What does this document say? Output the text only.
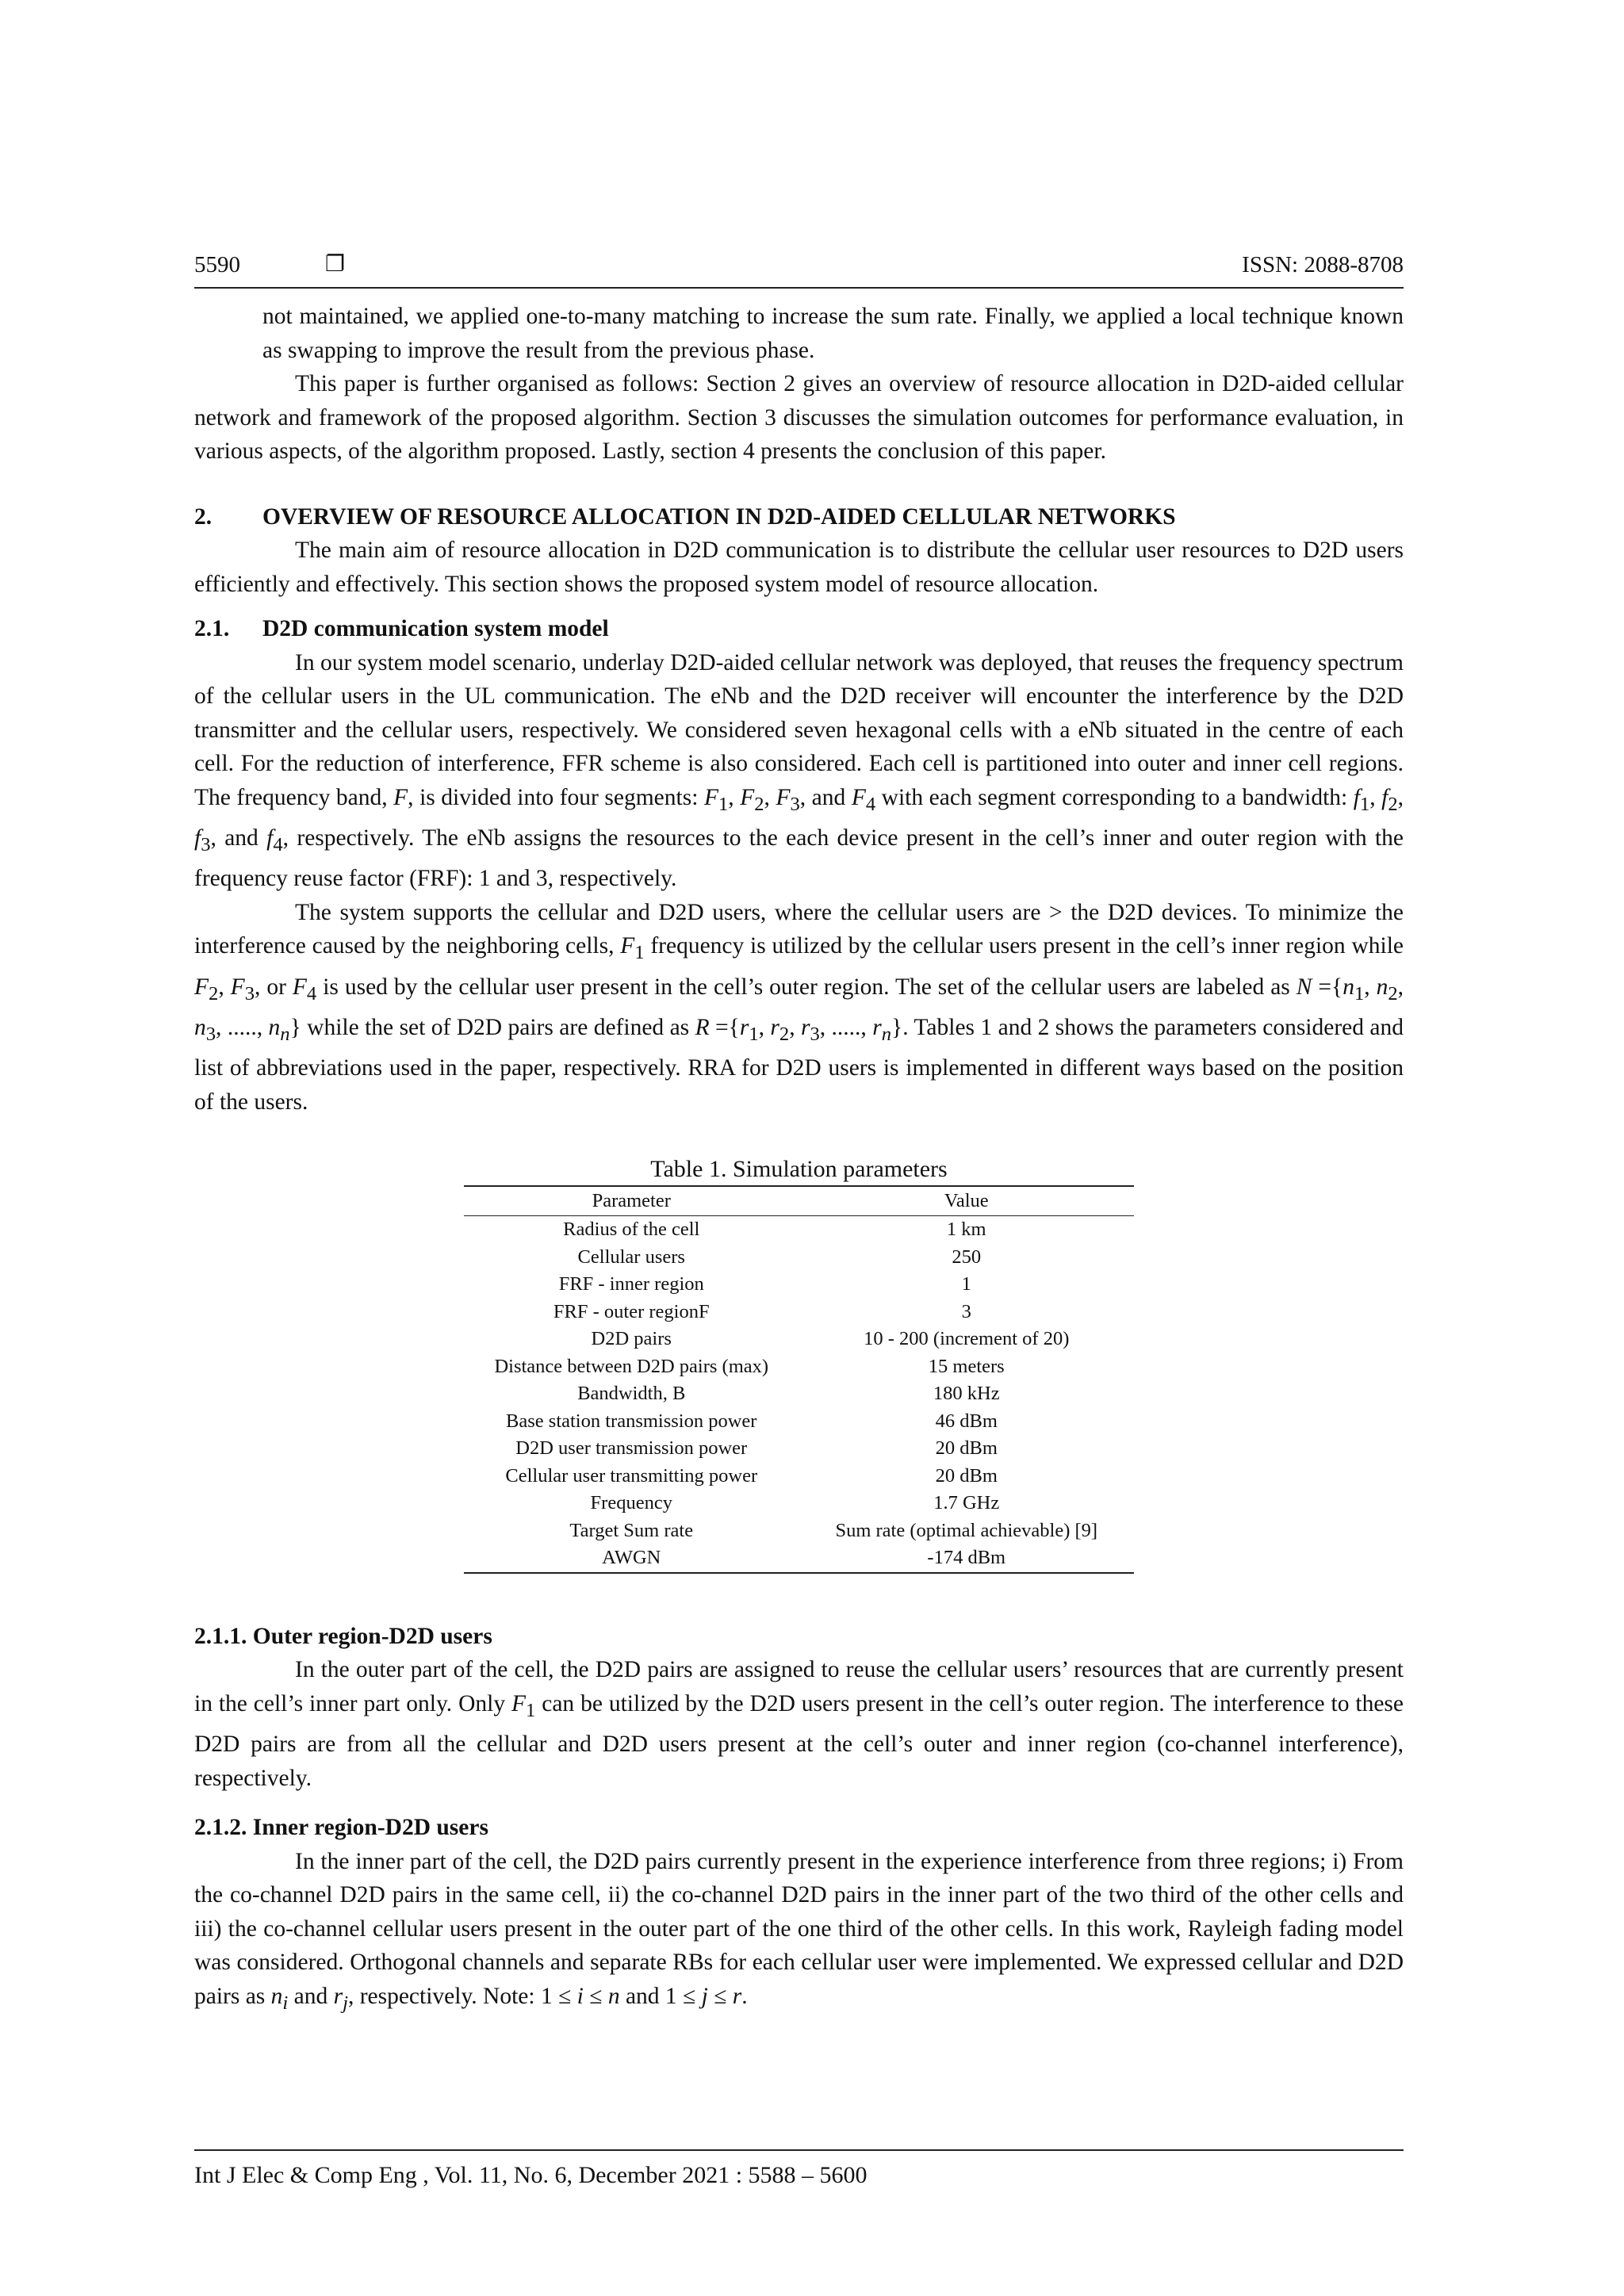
5590	❐	ISSN: 2088-8708

not maintained, we applied one-to-many matching to increase the sum rate. Finally, we applied a local technique known as swapping to improve the result from the previous phase.

This paper is further organised as follows: Section 2 gives an overview of resource allocation in D2D-aided cellular network and framework of the proposed algorithm. Section 3 discusses the simulation outcomes for performance evaluation, in various aspects, of the algorithm proposed. Lastly, section 4 presents the conclusion of this paper.

2. OVERVIEW OF RESOURCE ALLOCATION IN D2D-AIDED CELLULAR NETWORKS

The main aim of resource allocation in D2D communication is to distribute the cellular user resources to D2D users efficiently and effectively. This section shows the proposed system model of resource allocation.

2.1. D2D communication system model

In our system model scenario, underlay D2D-aided cellular network was deployed, that reuses the frequency spectrum of the cellular users in the UL communication. The eNb and the D2D receiver will encounter the interference by the D2D transmitter and the cellular users, respectively. We considered seven hexagonal cells with a eNb situated in the centre of each cell. For the reduction of interference, FFR scheme is also considered. Each cell is partitioned into outer and inner cell regions. The frequency band, F, is divided into four segments: $F_1$, $F_2$, $F_3$, and $F_4$ with each segment corresponding to a bandwidth: $f_1$, $f_2$, $f_3$, and $f_4$, respectively. The eNb assigns the resources to the each device present in the cell’s inner and outer region with the frequency reuse factor (FRF): 1 and 3, respectively.

The system supports the cellular and D2D users, where the cellular users are > the D2D devices. To minimize the interference caused by the neighboring cells, $F_1$ frequency is utilized by the cellular users present in the cell’s inner region while $F_2$, $F_3$, or $F_4$ is used by the cellular user present in the cell’s outer region. The set of the cellular users are labeled as $N =\{n_1$, $n_2$, $n_3$, ....., $n_n$} while the set of D2D pairs are defined as $R =\{r_1$, $r_2$, $r_3$, ....., $r_n$}. Tables 1 and 2 shows the parameters considered and list of abbreviations used in the paper, respectively. RRA for D2D users is implemented in different ways based on the position of the users.

Table 1. Simulation parameters
Parameter	Value
Radius of the cell	1 km
Cellular users	250
FRF - inner region	1
FRF - outer regionF	3
D2D pairs	10 - 200 (increment of 20)
Distance between D2D pairs (max)	15 meters
Bandwidth, B	180 kHz
Base station transmission power	46 dBm
D2D user transmission power	20 dBm
Cellular user transmitting power	20 dBm
Frequency	1.7 GHz
Target Sum rate	Sum rate (optimal achievable) [9]
AWGN	-174 dBm
2.1.1. Outer region-D2D users

In the outer part of the cell, the D2D pairs are assigned to reuse the cellular users’ resources that are currently present in the cell’s inner part only. Only $F_1$ can be utilized by the D2D users present in the cell’s outer region. The interference to these D2D pairs are from all the cellular and D2D users present at the cell’s outer and inner region (co-channel interference), respectively.

2.1.2. Inner region-D2D users

In the inner part of the cell, the D2D pairs currently present in the experience interference from three regions; i) From the co-channel D2D pairs in the same cell, ii) the co-channel D2D pairs in the inner part of the two third of the other cells and iii) the co-channel cellular users present in the outer part of the one third of the other cells. In this work, Rayleigh fading model was considered. Orthogonal channels and separate RBs for each cellular user were implemented. We expressed cellular and D2D pairs as $n_i$ and $r_j$, respectively. Note: 1 ≤ i ≤ n and 1 ≤ j ≤ r.

Int J Elec & Comp Eng , Vol. 11, No. 6, December 2021 : 5588 – 5600
